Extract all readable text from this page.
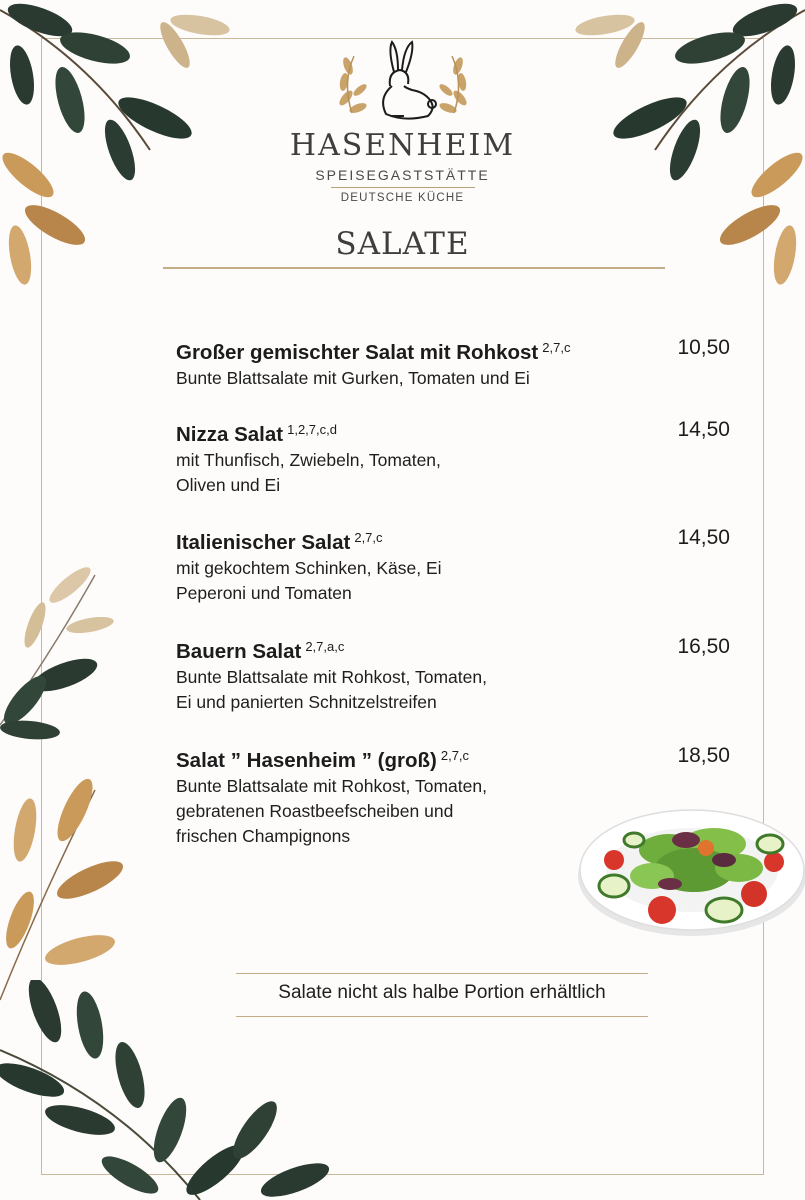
HASENHEIM
SPEISEGASTSTÄTTE
DEUTSCHE KÜCHE
SALATE
Großer gemischter Salat mit Rohkost $^{2,7,c}$	10,50
Bunte Blattsalate mit Gurken, Tomaten und Ei
Nizza Salat $^{1,2,7,c,d}$	14,50
mit Thunfisch, Zwiebeln, Tomaten,
Oliven und Ei
Italienischer Salat $^{2,7,c}$	14,50
mit gekochtem Schinken, Käse, Ei
Peperoni und Tomaten
Bauern Salat $^{2,7,a,c}$	16,50
Bunte Blattsalate mit Rohkost, Tomaten,
Ei und panierten Schnitzelstreifen
Salat ” Hasenheim ” (groß) $^{2,7,c}$	18,50
Bunte Blattsalate mit Rohkost, Tomaten,
gebratenen Roastbeefscheiben und
frischen Champignons
Salate nicht als halbe Portion erhältlich
